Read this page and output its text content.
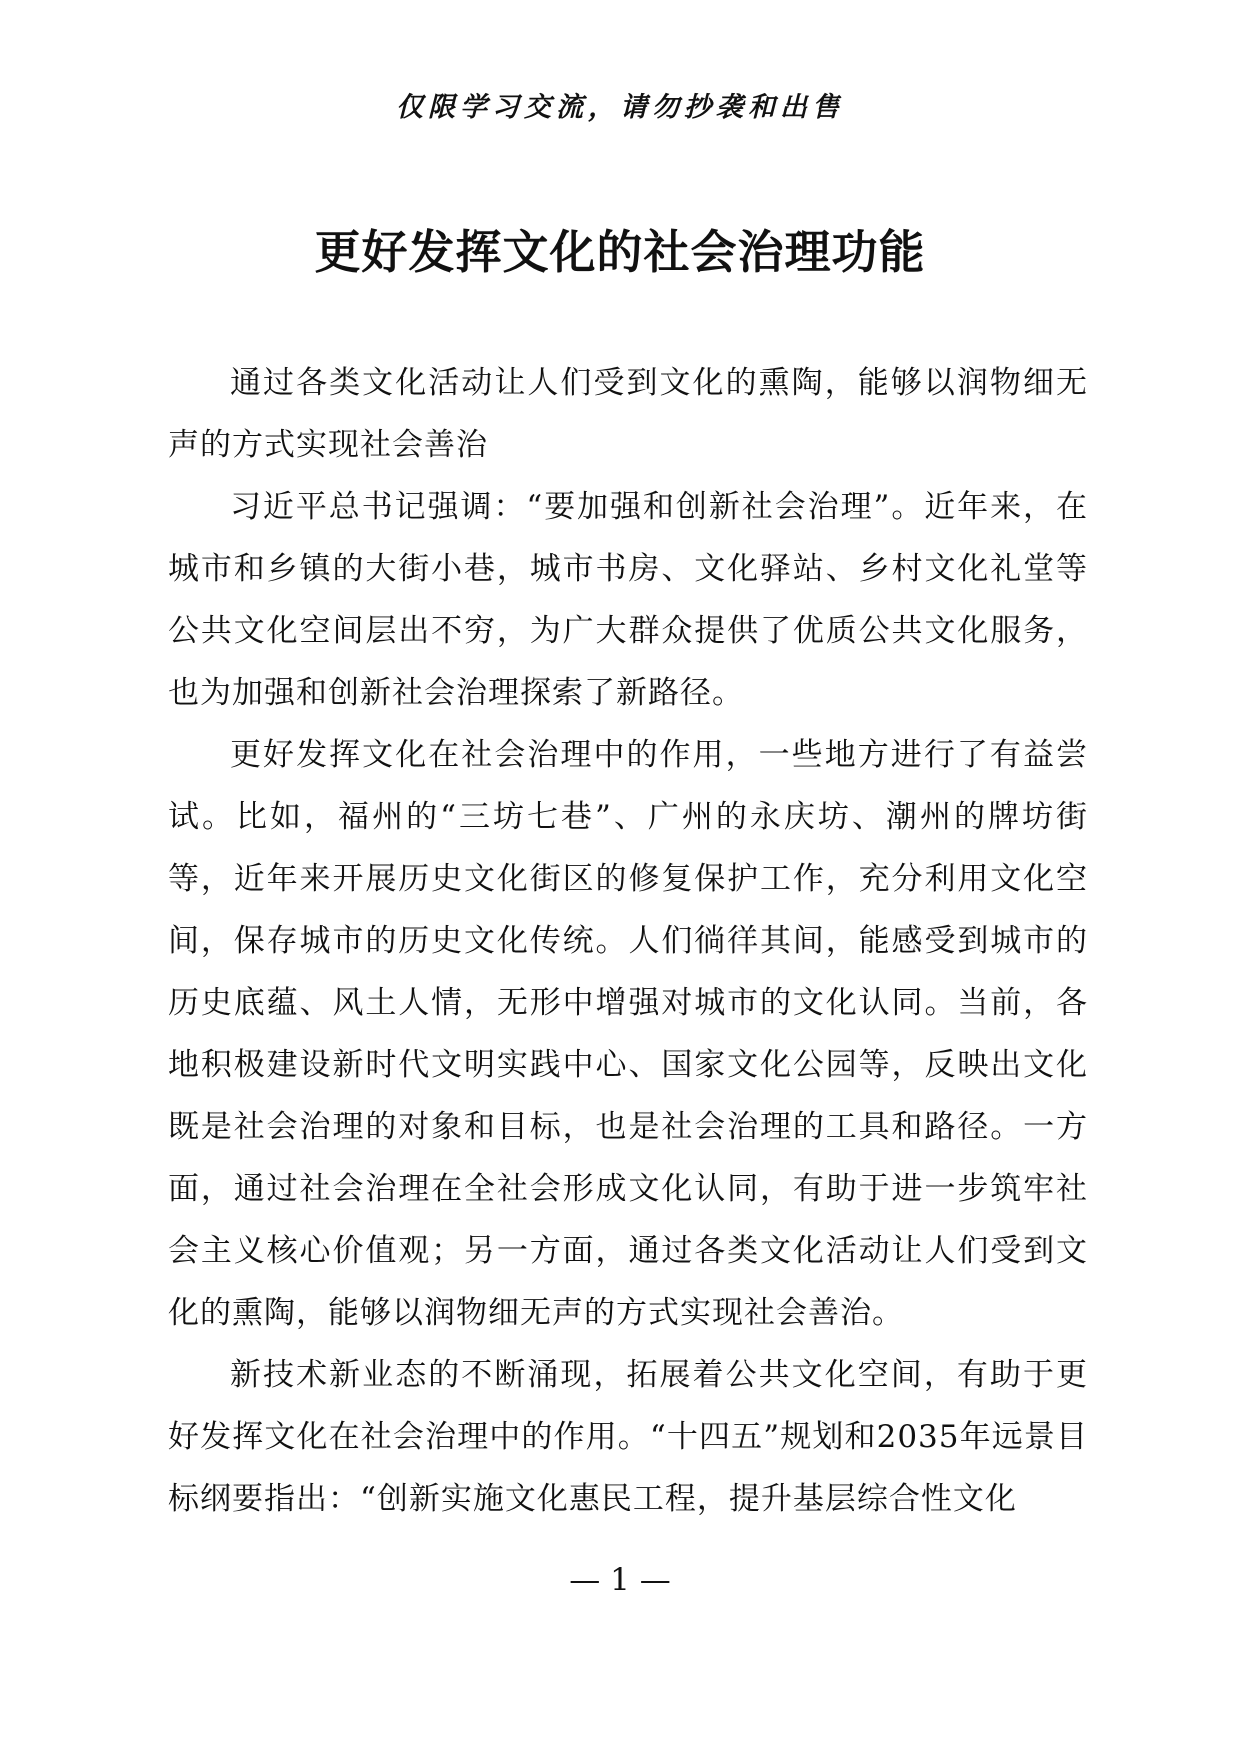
仅限学习交流，请勿抄袭和出售
更好发挥文化的社会治理功能

通过各类文化活动让人们受到文化的熏陶，能够以润物细无声的方式实现社会善治

习近平总书记强调：“要加强和创新社会治理”。近年来，在城市和乡镇的大街小巷，城市书房、文化驿站、乡村文化礼堂等公共文化空间层出不穷，为广大群众提供了优质公共文化服务，也为加强和创新社会治理探索了新路径。

更好发挥文化在社会治理中的作用，一些地方进行了有益尝试。比如，福州的“三坊七巷”、广州的永庆坊、潮州的牌坊街等，近年来开展历史文化街区的修复保护工作，充分利用文化空间，保存城市的历史文化传统。人们徜徉其间，能感受到城市的历史底蕴、风土人情，无形中增强对城市的文化认同。当前，各地积极建设新时代文明实践中心、国家文化公园等，反映出文化既是社会治理的对象和目标，也是社会治理的工具和路径。一方面，通过社会治理在全社会形成文化认同，有助于进一步筑牢社会主义核心价值观；另一方面，通过各类文化活动让人们受到文化的熏陶，能够以润物细无声的方式实现社会善治。

新技术新业态的不断涌现，拓展着公共文化空间，有助于更好发挥文化在社会治理中的作用。“十四五”规划和2035年远景目标纲要指出：“创新实施文化惠民工程，提升基层综合性文化

— 1 —
